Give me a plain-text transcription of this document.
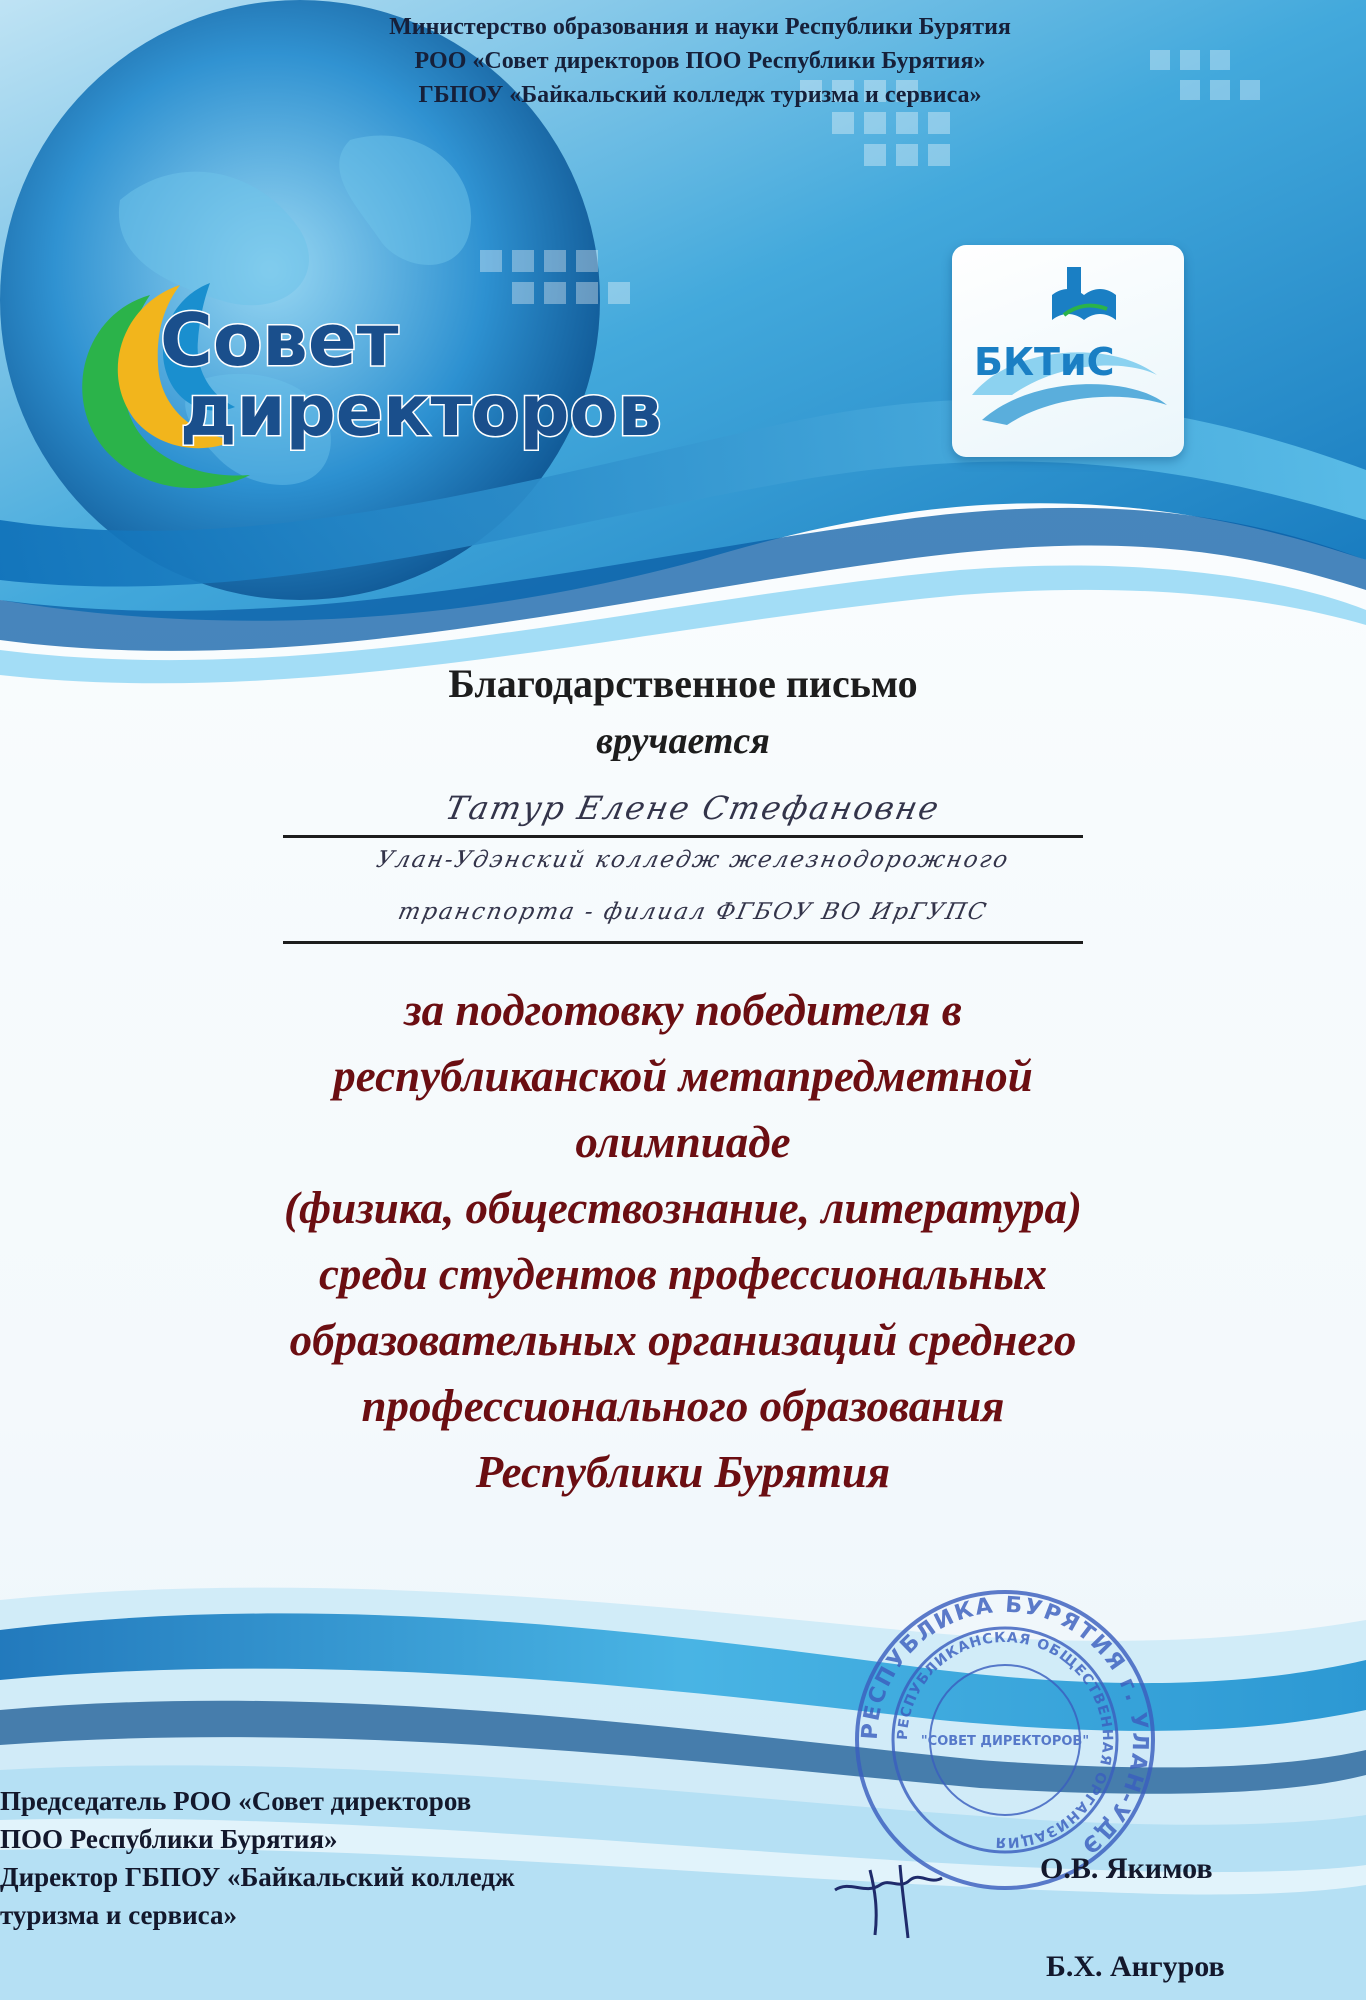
Министерство образования и науки Республики Бурятия
РОО «Совет директоров ПОО Республики Бурятия»
ГБПОУ «Байкальский колледж туризма и сервиса»
Совет
директоров
БКТиС
Благодарственное письмо
вручается
Татур Елене Стефановне
Улан-Удэнский колледж железнодорожного
транспорта - филиал ФГБОУ ВО ИрГУПС
за подготовку победителя в
республиканской метапредметной
олимпиаде
(физика, обществознание, литература)
среди студентов профессиональных
образовательных организаций среднего
профессионального образования
Республики Бурятия
РЕСПУБЛИКА БУРЯТИЯ г. УЛАН-УДЭ
РЕСПУБЛИКАНСКАЯ ОБЩЕСТВЕННАЯ ОРГАНИЗАЦИЯ
"СОВЕТ ДИРЕКТОРОВ"
Председатель РОО «Совет директоров
ПОО Республики Бурятия»
Директор ГБПОУ «Байкальский колледж
туризма и сервиса»
О.В. Якимов
Б.Х. Ангуров
